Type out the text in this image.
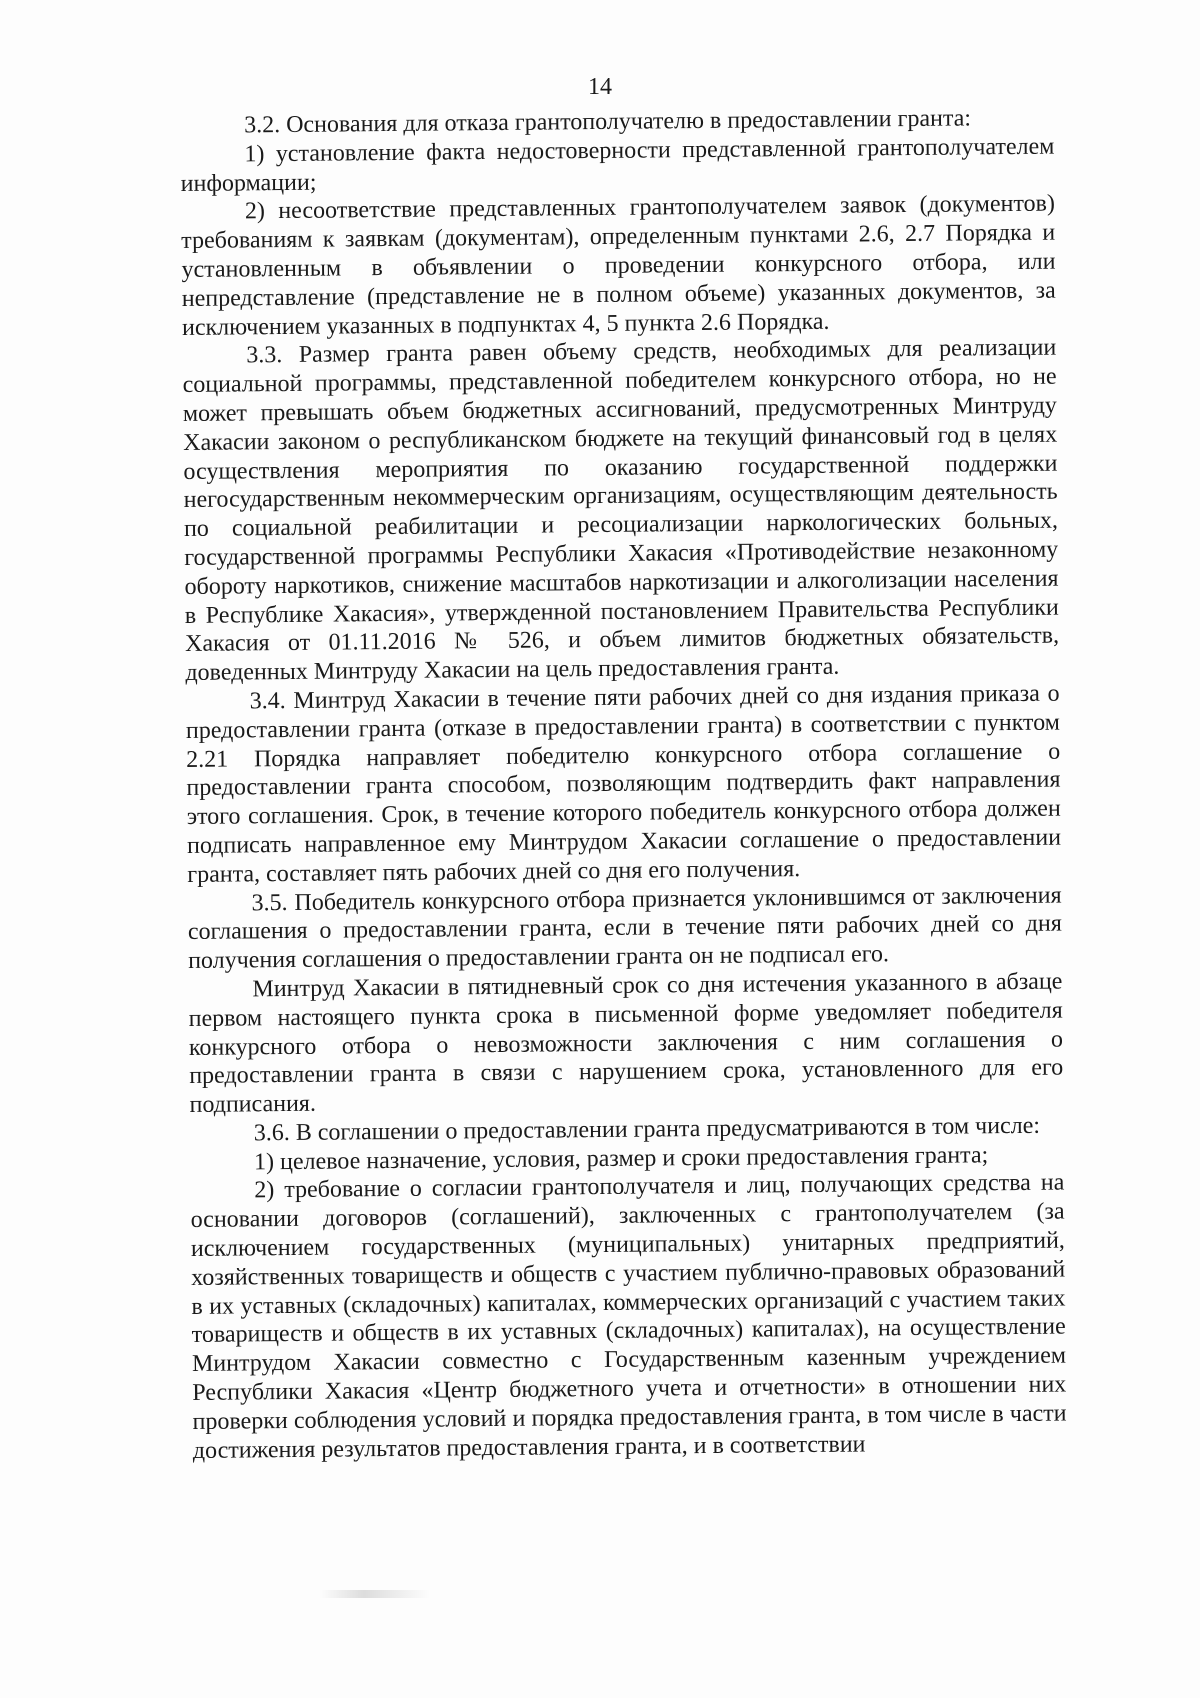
14

3.2. Основания для отказа грантополучателю в предоставлении гранта:

1) установление факта недостоверности представленной грантополучателем информации;

2) несоответствие представленных грантополучателем заявок (документов) требованиям к заявкам (документам), определенным пунктами 2.6, 2.7 Порядка и установленным в объявлении о проведении конкурсного отбора, или непредставление (представление не в полном объеме) указанных документов, за исключением указанных в подпунктах 4, 5 пункта 2.6 Порядка.

3.3. Размер гранта равен объему средств, необходимых для реализации социальной программы, представленной победителем конкурсного отбора, но не может превышать объем бюджетных ассигнований, предусмотренных Минтруду Хакасии законом о республиканском бюджете на текущий финансовый год в целях осуществления мероприятия по оказанию государственной поддержки негосударственным некоммерческим организациям, осуществляющим деятельность по социальной реабилитации и ресоциализации наркологических больных, государственной программы Республики Хакасия «Противодействие незаконному обороту наркотиков, снижение масштабов наркотизации и алкоголизации населения в Республике Хакасия», утвержденной постановлением Правительства Республики Хакасия от 01.11.2016 № 526, и объем лимитов бюджетных обязательств, доведенных Минтруду Хакасии на цель предоставления гранта.

3.4. Минтруд Хакасии в течение пяти рабочих дней со дня издания приказа о предоставлении гранта (отказе в предоставлении гранта) в соответствии с пунктом 2.21 Порядка направляет победителю конкурсного отбора соглашение о предоставлении гранта способом, позволяющим подтвердить факт направления этого соглашения. Срок, в течение которого победитель конкурсного отбора должен подписать направленное ему Минтрудом Хакасии соглашение о предоставлении гранта, составляет пять рабочих дней со дня его получения.

3.5. Победитель конкурсного отбора признается уклонившимся от заключения соглашения о предоставлении гранта, если в течение пяти рабочих дней со дня получения соглашения о предоставлении гранта он не подписал его.

Минтруд Хакасии в пятидневный срок со дня истечения указанного в абзаце первом настоящего пункта срока в письменной форме уведомляет победителя конкурсного отбора о невозможности заключения с ним соглашения о предоставлении гранта в связи с нарушением срока, установленного для его подписания.

3.6. В соглашении о предоставлении гранта предусматриваются в том числе:

1) целевое назначение, условия, размер и сроки предоставления гранта;

2) требование о согласии грантополучателя и лиц, получающих средства на основании договоров (соглашений), заключенных с грантополучателем (за исключением государственных (муниципальных) унитарных предприятий, хозяйственных товариществ и обществ с участием публично-правовых образований в их уставных (складочных) капиталах, коммерческих организаций с участием таких товариществ и обществ в их уставных (складочных) капиталах), на осуществление Минтрудом Хакасии совместно с Государственным казенным учреждением Республики Хакасия «Центр бюджетного учета и отчетности» в отношении них проверки соблюдения условий и порядка предоставления гранта, в том числе в части достижения результатов предоставления гранта, и в соответствии
